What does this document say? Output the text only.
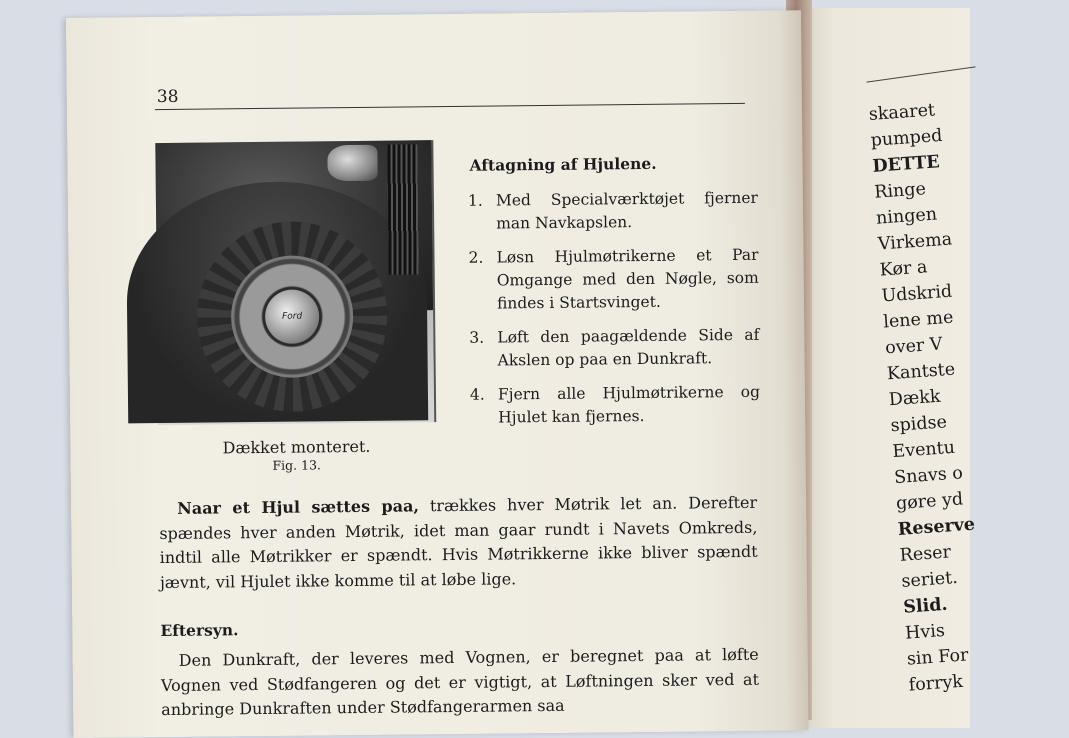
skaaret
pumped
DETTE
Ringe
ningen
Virkema
Kør a
Udskrid
lene me
over V
Kantste
Dækk
spidse
Eventu
Snavs o
gøre yd
Reserve
Reser
seriet.
Slid.
Hvis
sin For
forryk
38
Ford
Dækket monteret.
Fig. 13.
Aftagning af Hjulene.
1. Med Specialværktøjet fjerner man Navkapslen.
2. Løsn Hjulmøtrikerne et Par Omgange med den Nøgle, som findes i Startsvinget.
3. Løft den paagældende Side af Akslen op paa en Dunkraft.
4. Fjern alle Hjulmøtrikerne og Hjulet kan fjernes.
Naar et Hjul sættes paa, trækkes hver Møtrik let an. Derefter spændes hver anden Møtrik, idet man gaar rundt i Navets Omkreds, indtil alle Møtrikker er spændt. Hvis Møtrikkerne ikke bliver spændt jævnt, vil Hjulet ikke komme til at løbe lige.
Eftersyn.
Den Dunkraft, der leveres med Vognen, er beregnet paa at løfte Vognen ved Stødfangeren og det er vigtigt, at Løftningen sker ved at anbringe Dunkraften under Stødfangerarmen saa
